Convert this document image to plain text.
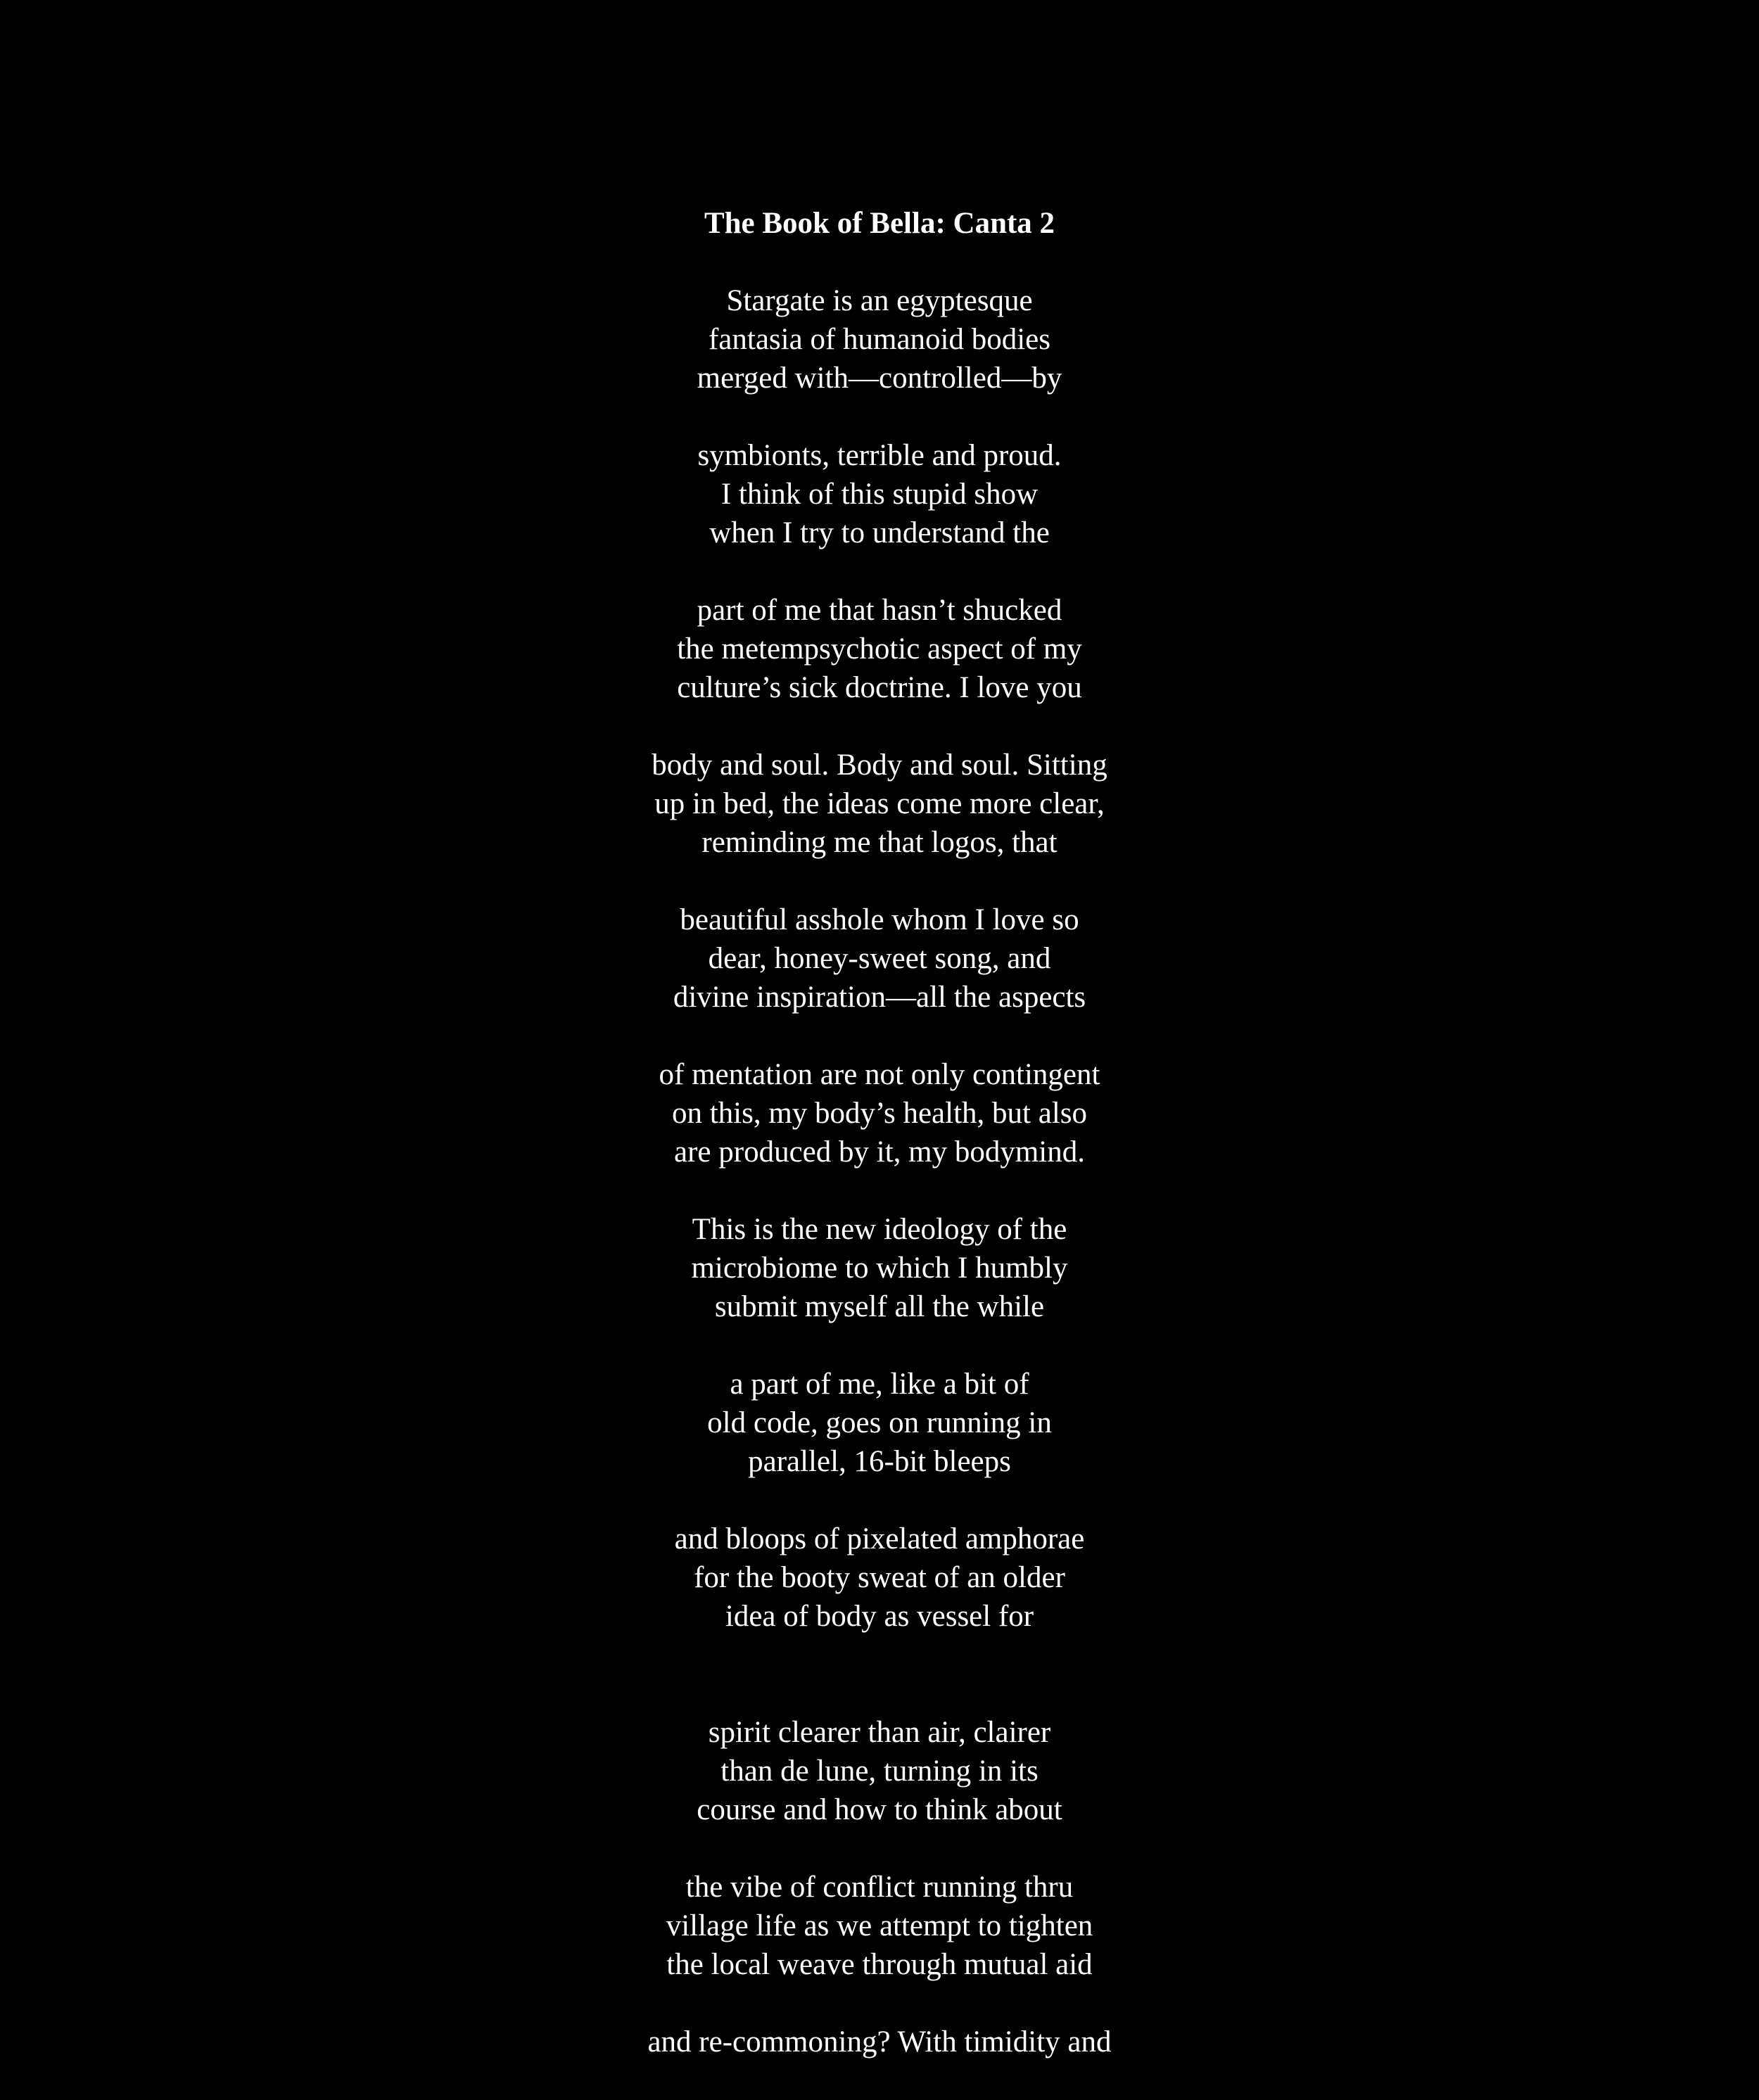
The Book of Bella: Canta 2
Stargate is an egyptesque
fantasia of humanoid bodies
merged with—controlled—by
symbionts, terrible and proud.
I think of this stupid show
when I try to understand the
part of me that hasn’t shucked
the metempsychotic aspect of my
culture’s sick doctrine. I love you
body and soul. Body and soul. Sitting
up in bed, the ideas come more clear,
reminding me that logos, that
beautiful asshole whom I love so
dear, honey-sweet song, and
divine inspiration—all the aspects
of mentation are not only contingent
on this, my body’s health, but also
are produced by it, my bodymind.
This is the new ideology of the
microbiome to which I humbly
submit myself all the while
a part of me, like a bit of
old code, goes on running in
parallel, 16-bit bleeps
and bloops of pixelated amphorae
for the booty sweat of an older
idea of body as vessel for
spirit clearer than air, clairer
than de lune, turning in its
course and how to think about
the vibe of conflict running thru
village life as we attempt to tighten
the local weave through mutual aid
and re-commoning? With timidity and
